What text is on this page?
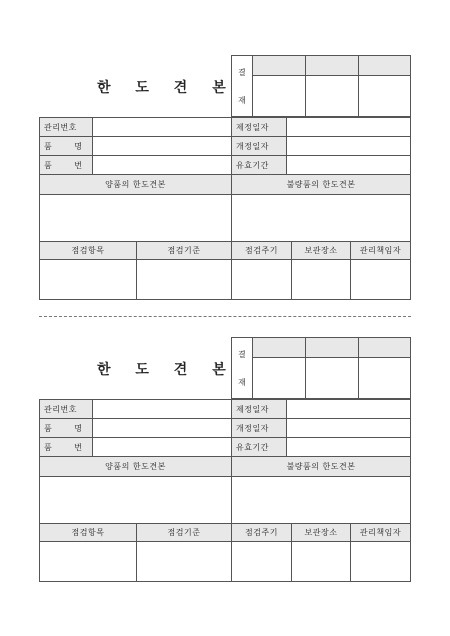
한 도 견 본
결
재
관리번호	제정일자
품 명	개정일자
품 번	유효기간
양품의 한도견본	불량품의 한도견본
점검항목	점검기준	점검주기	보관장소	관리책임자
한 도 견 본
결
재
관리번호	제정일자
품 명	개정일자
품 번	유효기간
양품의 한도견본	불량품의 한도견본
점검항목	점검기준	점검주기	보관장소	관리책임자
